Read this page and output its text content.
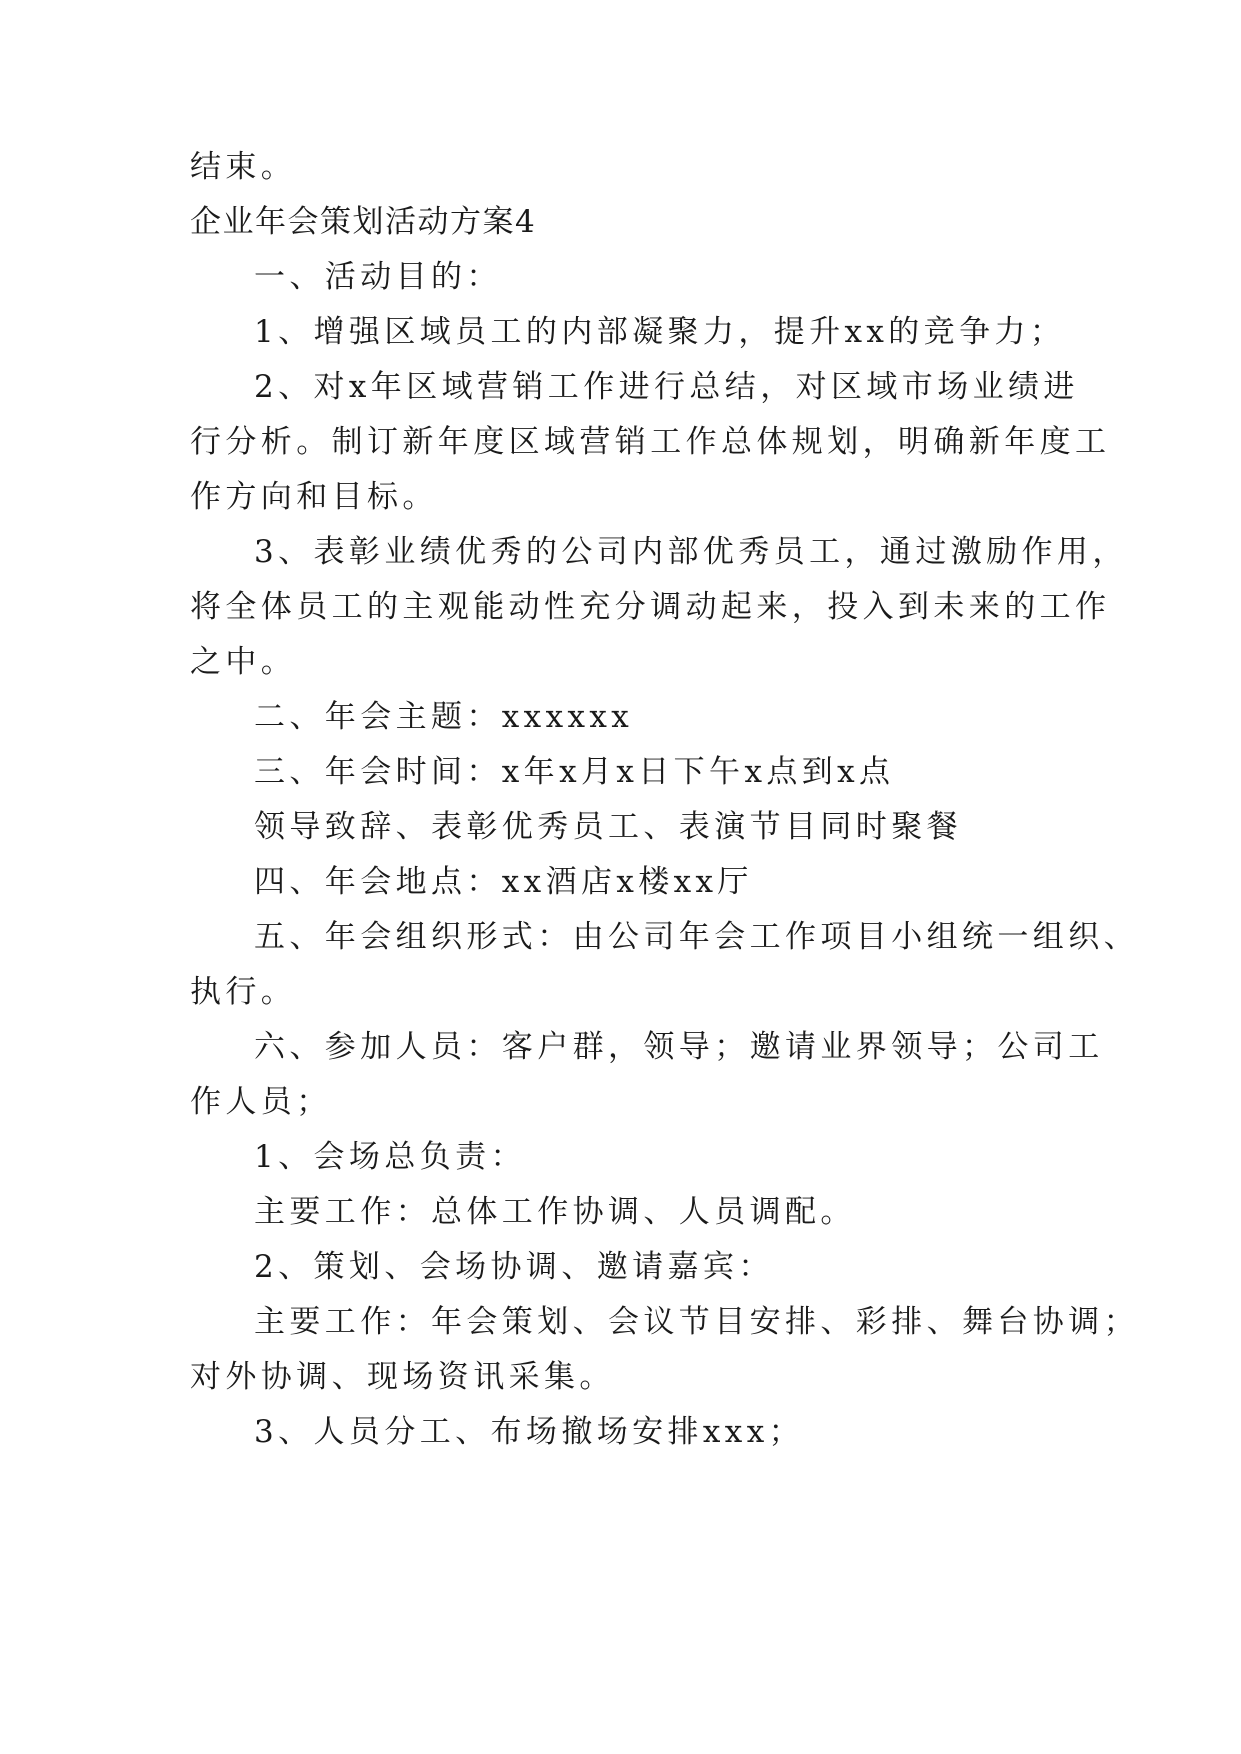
结束。

企业年会策划活动方案4

一、活动目的：

1、增强区域员工的内部凝聚力，提升xx的竞争力；

2、对x年区域营销工作进行总结，对区域市场业绩进

行分析。制订新年度区域营销工作总体规划，明确新年度工

作方向和目标。

3、表彰业绩优秀的公司内部优秀员工，通过激励作用，

将全体员工的主观能动性充分调动起来，投入到未来的工作

之中。

二、年会主题：xxxxxx

三、年会时间：x年x月x日下午x点到x点

领导致辞、表彰优秀员工、表演节目同时聚餐

四、年会地点：xx酒店x楼xx厅

五、年会组织形式：由公司年会工作项目小组统一组织、

执行。

六、参加人员：客户群，领导；邀请业界领导；公司工

作人员；

1、会场总负责：

主要工作：总体工作协调、人员调配。

2、策划、会场协调、邀请嘉宾：

主要工作：年会策划、会议节目安排、彩排、舞台协调；

对外协调、现场资讯采集。

3、人员分工、布场撤场安排xxx；
